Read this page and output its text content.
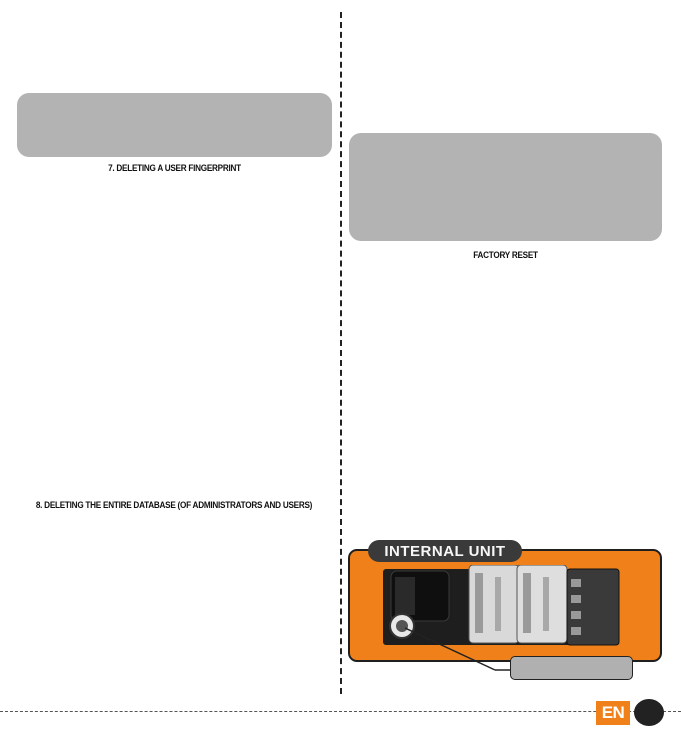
7. DELETING A USER FINGERPRINT
8. DELETING THE ENTIRE DATABASE (OF ADMINISTRATORS AND USERS)
FACTORY RESET
INTERNAL UNIT
EN
